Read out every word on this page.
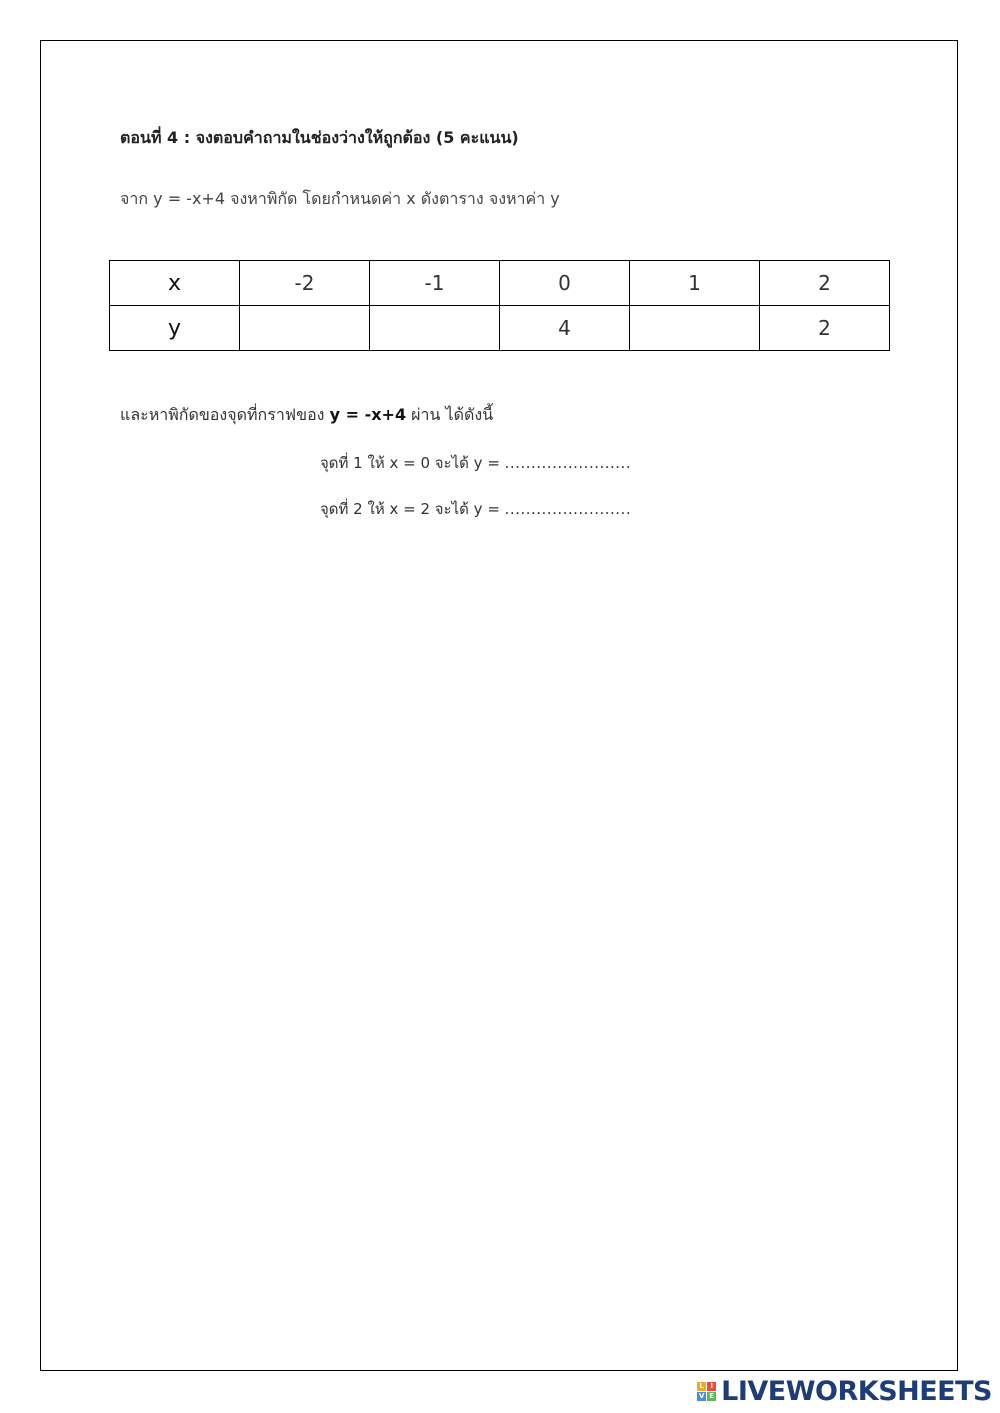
ตอนที่ 4 : จงตอบคำถามในช่องว่างให้ถูกต้อง (5 คะแนน)
จาก y = -x+4 จงหาพิกัด โดยกำหนดค่า x ดังตาราง จงหาค่า y
x	-2	-1	0	1	2
y			4		2
และหาพิกัดของจุดที่กราฟของ y = -x+4 ผ่าน ได้ดังนี้
จุดที่ 1 ให้ x = 0 จะได้ y = ........................
จุดที่ 2 ให้ x = 2 จะได้ y = ........................
L I
V E LIVEWORKSHEETS
